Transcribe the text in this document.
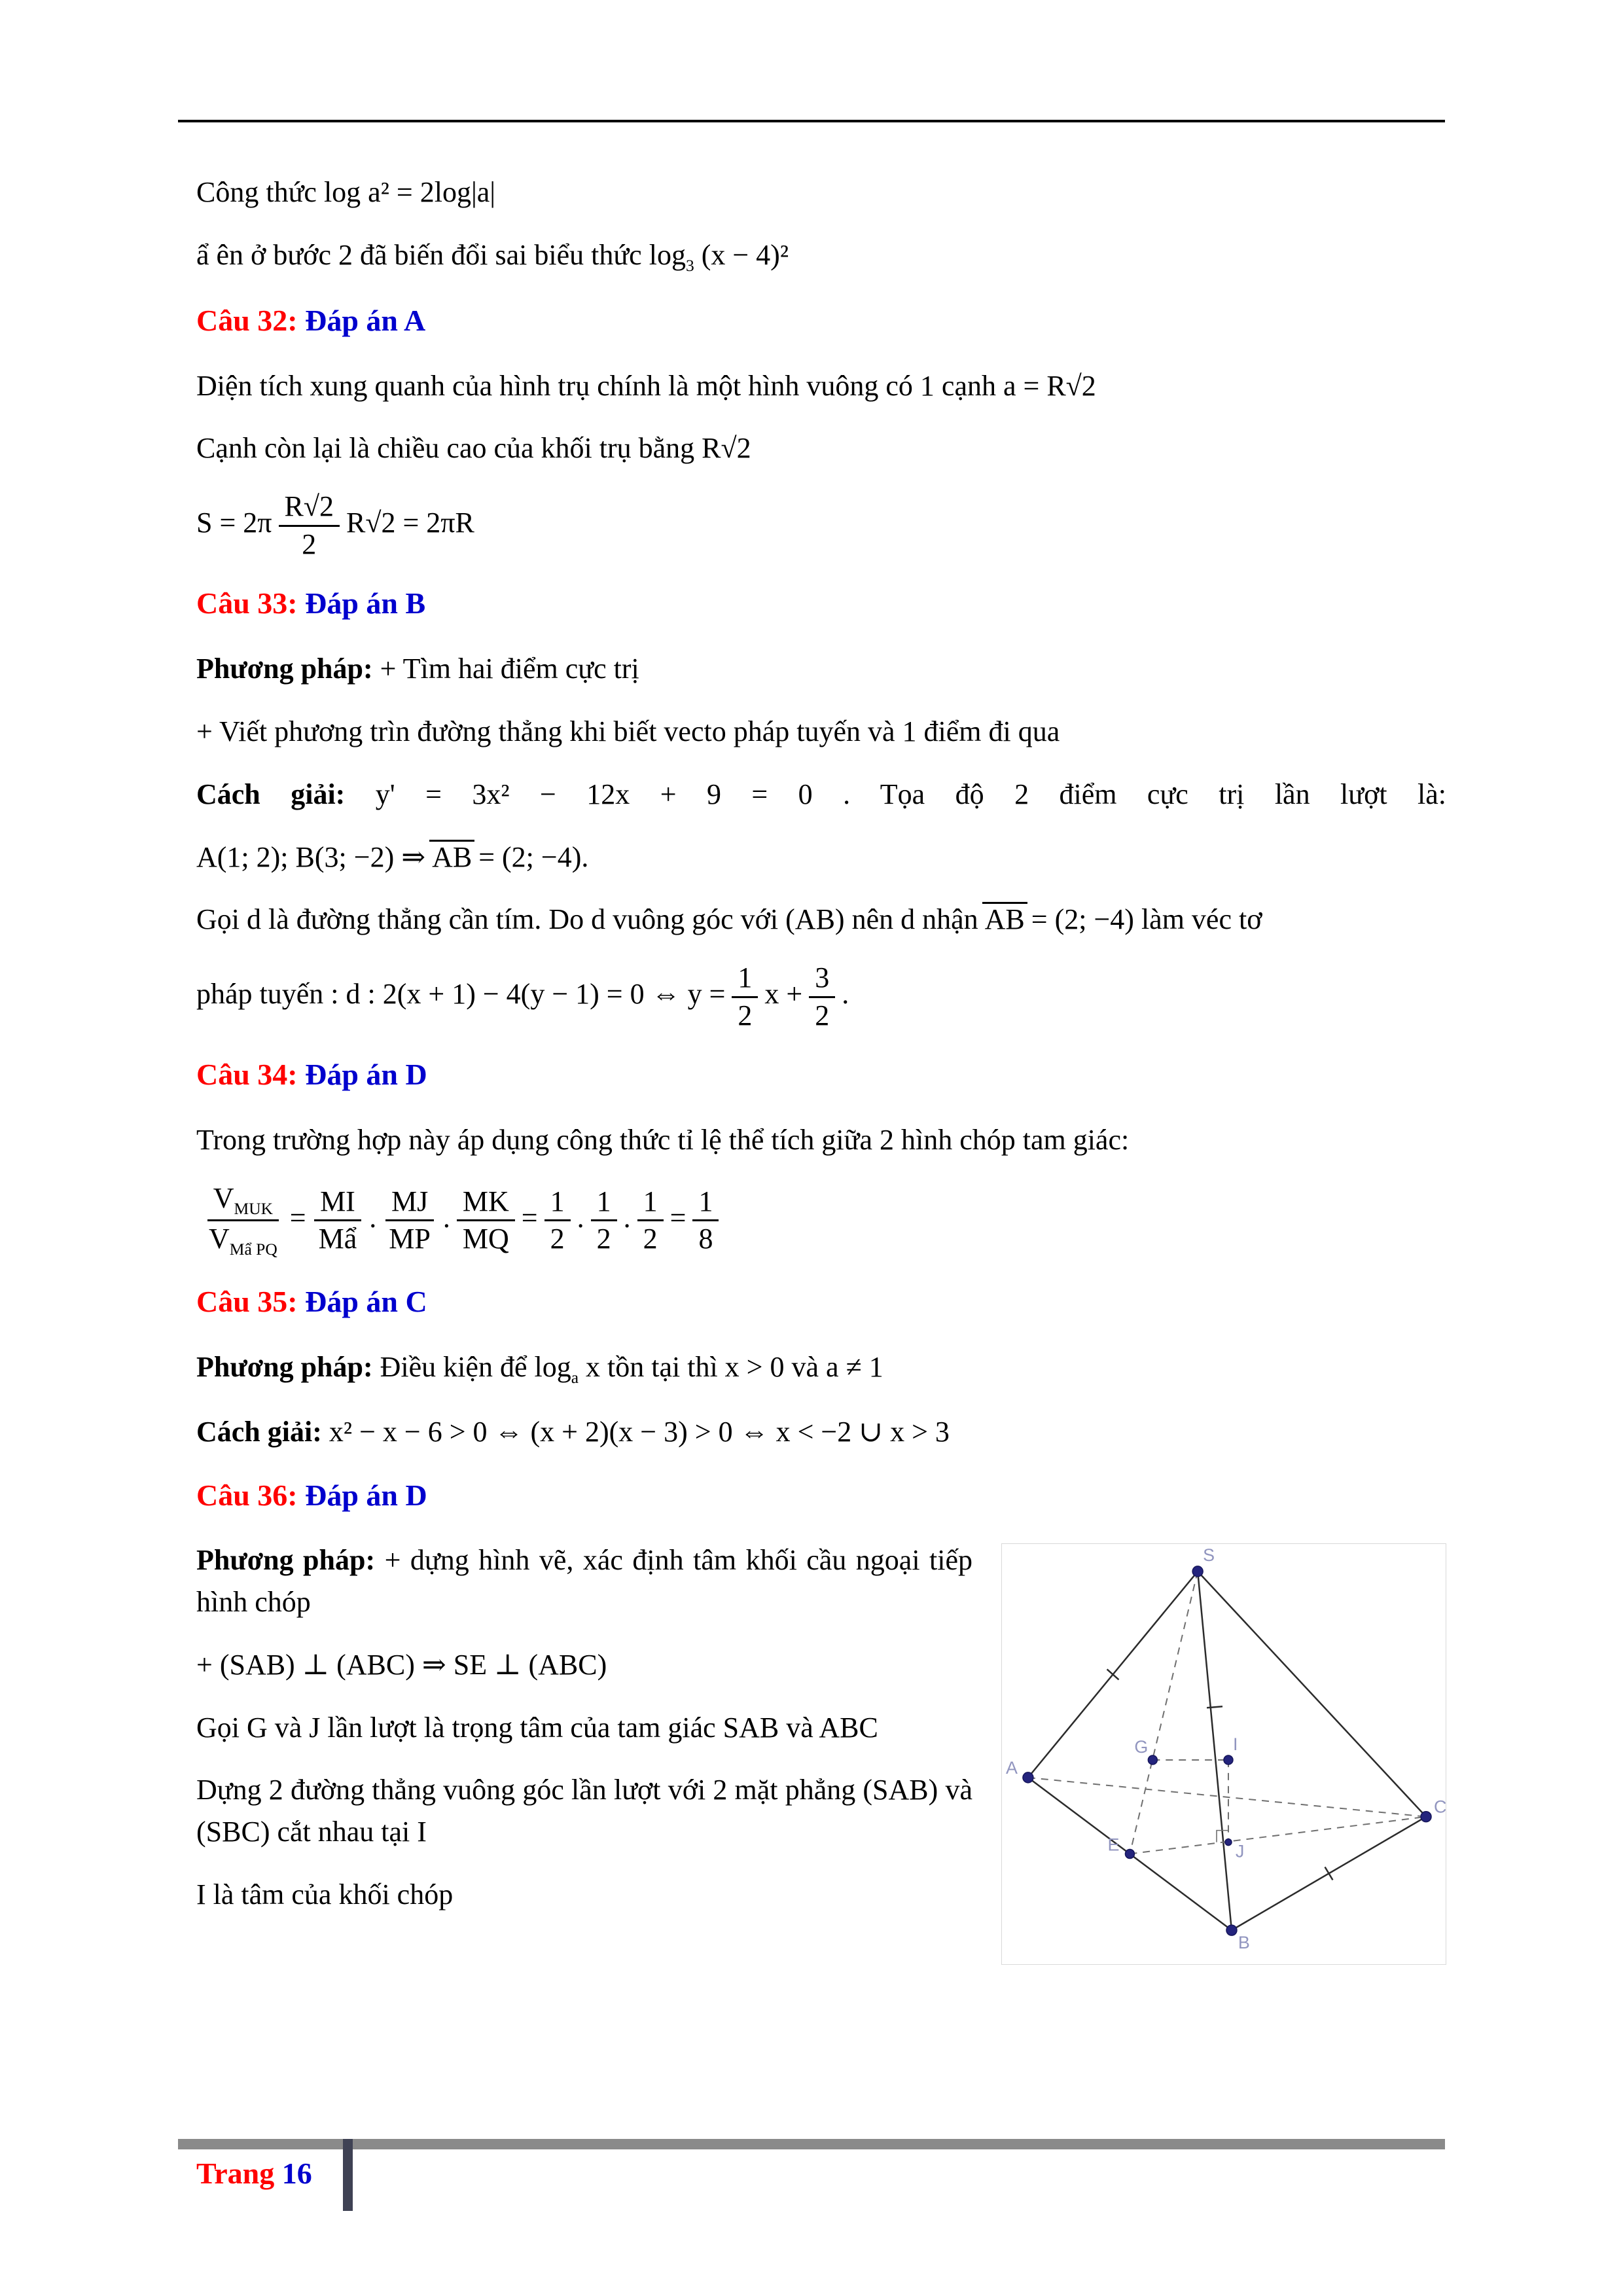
Công thức log a² = 2log|a|

ẩ ên ở bước 2 đã biến đổi sai biểu thức $\log_3 (x - 4)^2$

Câu 32: Đáp án A

Diện tích xung quanh của hình trụ chính là một hình vuông có 1 cạnh a = R√2

Cạnh còn lại là chiều cao của khối trụ bằng R√2

$S = 2\pi \frac{R√2}{2} R√2 = 2\pi R$

Câu 33: Đáp án B

Phương pháp: + Tìm hai điểm cực trị

+ Viết phương trìn đường thẳng khi biết vecto pháp tuyến và 1 điểm đi qua

Cách giải: y' = 3x² − 12x + 9 = 0 . Tọa độ 2 điểm cực trị lần lượt là:

A(1; 2); B(3; −2) ⇒ AB = (2; −4).

Gọi d là đường thẳng cần tím. Do d vuông góc với (AB) nên d nhận AB = (2; −4) làm véc tơ

pháp tuyến : d : 2(x + 1) − 4(y − 1) = 0 ⇔ $y = \frac{1}{2}$ $x + \frac{3}{2}$ .

Câu 34: Đáp án D

Trong trường hợp này áp dụng công thức tỉ lệ thể tích giữa 2 hình chóp tam giác:

$\frac{V_{MUK}}{V_{Mẩ PQ}} = \frac{MI}{\text{Mẩ}}$ . $\frac{MJ}{MP}$ . $\frac{MK}{MQ} = \frac{1}{2}$ . $\frac{1}{2}$ . $\frac{1}{2} = \frac{1}{8}$

Câu 35: Đáp án C

Phương pháp: Điều kiện để $\log_a x$ tồn tại thì x > 0 và a ≠ 1

Cách giải: x² − x − 6 > 0 ⇔ (x + 2)(x − 3) > 0 ⇔ x < −2 ∪ x > 3

Câu 36: Đáp án D

S
A
B
C
E
G	I
J

Phương pháp: + dựng hình vẽ, xác định tâm khối cầu ngoại tiếp hình chóp

+ (SAB) ⊥ (ABC) ⇒ SE ⊥ (ABC)

Gọi G và J lần lượt là trọng tâm của tam giác SAB và ABC

Dựng 2 đường thẳng vuông góc lần lượt với 2 mặt phẳng (SAB) và (SBC) cắt nhau tại I

I là tâm của khối chóp

Trang 16
